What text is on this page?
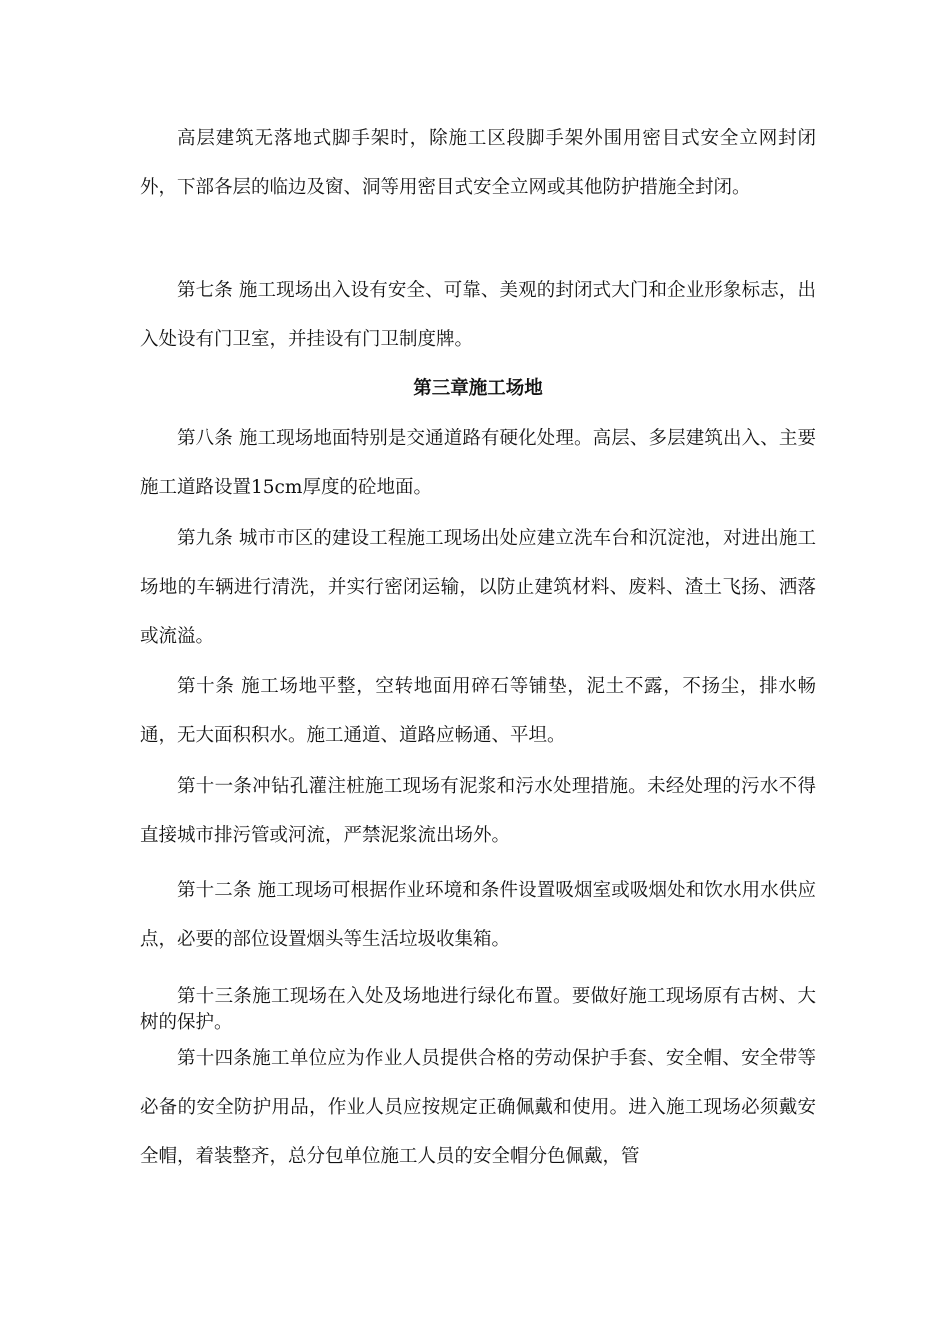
高层建筑无落地式脚手架时，除施工区段脚手架外围用密目式安全立网封闭外，下部各层的临边及窗、洞等用密目式安全立网或其他防护措施全封闭。

第七条 施工现场出入设有安全、可靠、美观的封闭式大门和企业形象标志，出入处设有门卫室，并挂设有门卫制度牌。

第三章施工场地

第八条 施工现场地面特别是交通道路有硬化处理。高层、多层建筑出入、主要施工道路设置15cm厚度的砼地面。

第九条 城市市区的建设工程施工现场出处应建立洗车台和沉淀池，对进出施工场地的车辆进行清洗，并实行密闭运输，以防止建筑材料、废料、渣土飞扬、洒落或流溢。

第十条 施工场地平整，空转地面用碎石等铺垫，泥土不露，不扬尘，排水畅通，无大面积积水。施工通道、道路应畅通、平坦。

第十一条冲钻孔灌注桩施工现场有泥浆和污水处理措施。未经处理的污水不得直接城市排污管或河流，严禁泥浆流出场外。

第十二条 施工现场可根据作业环境和条件设置吸烟室或吸烟处和饮水用水供应点，必要的部位设置烟头等生活垃圾收集箱。

第十三条施工现场在入处及场地进行绿化布置。要做好施工现场原有古树、大树的保护。

第十四条施工单位应为作业人员提供合格的劳动保护手套、安全帽、安全带等必备的安全防护用品，作业人员应按规定正确佩戴和使用。进入施工现场必须戴安全帽，着装整齐，总分包单位施工人员的安全帽分色佩戴，管
